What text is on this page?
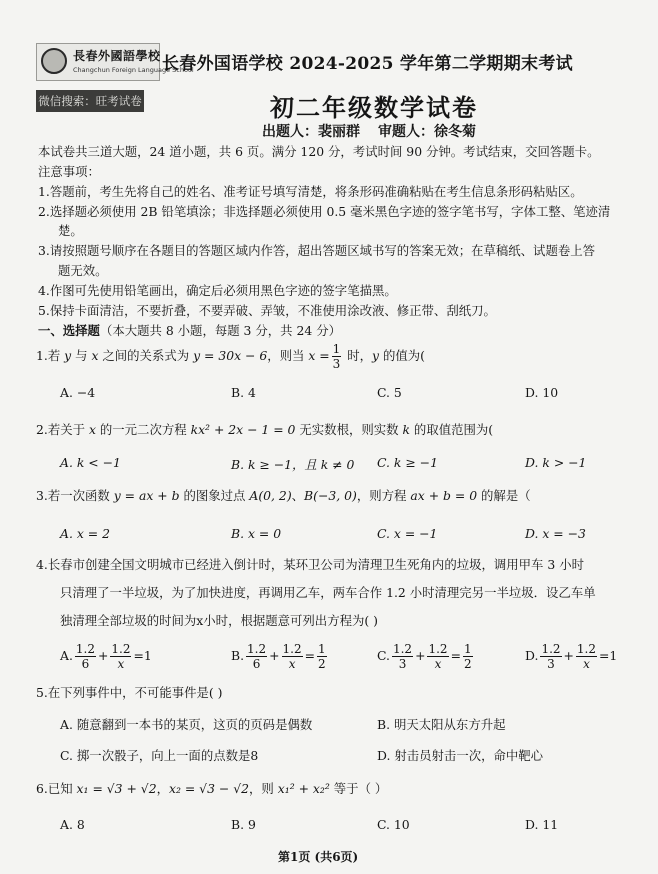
長春外國語學校
Changchun Foreign Language School
微信搜索：旺考试卷
长春外国语学校 2024-2025 学年第二学期期末考试
初二年级数学试卷
出题人：裴丽群 审题人：徐冬菊
本试卷共三道大题，24 道小题，共 6 页。满分 120 分，考试时间 90 分钟。考试结束，交回答题卡。
注意事项：
1.答题前，考生先将自己的姓名、准考证号填写清楚，将条形码准确粘贴在考生信息条形码粘贴区。
2.选择题必须使用 2B 铅笔填涂；非选择题必须使用 0.5 毫米黑色字迹的签字笔书写，字体工整、笔迹清
楚。
3.请按照题号顺序在各题目的答题区域内作答，超出答题区域书写的答案无效；在草稿纸、试题卷上答
题无效。
4.作图可先使用铅笔画出，确定后必须用黑色字迹的签字笔描黑。
5.保持卡面清洁，不要折叠，不要弄破、弄皱，不准使用涂改液、修正带、刮纸刀。
一、选择题（本大题共 8 小题，每题 3 分，共 24 分）
1.若 y 与 x 之间的关系式为 y = 30x − 6，则当 $x = \frac{1}{3}$ 时，y 的值为(
A. −4	B. 4	C. 5	D. 10
2.若关于 x 的一元二次方程 kx² + 2x − 1 = 0 无实数根，则实数 k 的取值范围为(
A. k < −1	B. k ≥ −1，且 k ≠ 0 C. k ≥ −1	D. k > −1
3.若一次函数 y = ax + b 的图象过点 A(0, 2)、B(−3, 0)，则方程 ax + b = 0 的解是（
A. x = 2	B. x = 0	C. x = −1	D. x = −3
4.长春市创建全国文明城市已经进入倒计时，某环卫公司为清理卫生死角内的垃圾，调用甲车 3 小时
只清理了一半垃圾，为了加快进度，再调用乙车，两车合作 1.2 小时清理完另一半垃圾．设乙车单
独清理全部垃圾的时间为x小时，根据题意可列出方程为( )
A. $\frac{1.2}{6} + \frac{1.2}{x} =1$	B. $\frac{1.2}{6} + \frac{1.2}{x} = \frac{1}{2}$	C. $\frac{1.2}{3} + \frac{1.2}{x} = \frac{1}{2}$	D. $\frac{1.2}{3} + \frac{1.2}{x} =1$
5.在下列事件中，不可能事件是( )
A. 随意翻到一本书的某页，这页的页码是偶数	B. 明天太阳从东方升起
C. 掷一次骰子，向上一面的点数是8	D. 射击员射击一次，命中靶心
6.已知 x₁ = √3 + √2，x₂ = √3 − √2，则 x₁² + x₂² 等于（ ）
A. 8	B. 9	C. 10	D. 11
第1页 (共6页)
